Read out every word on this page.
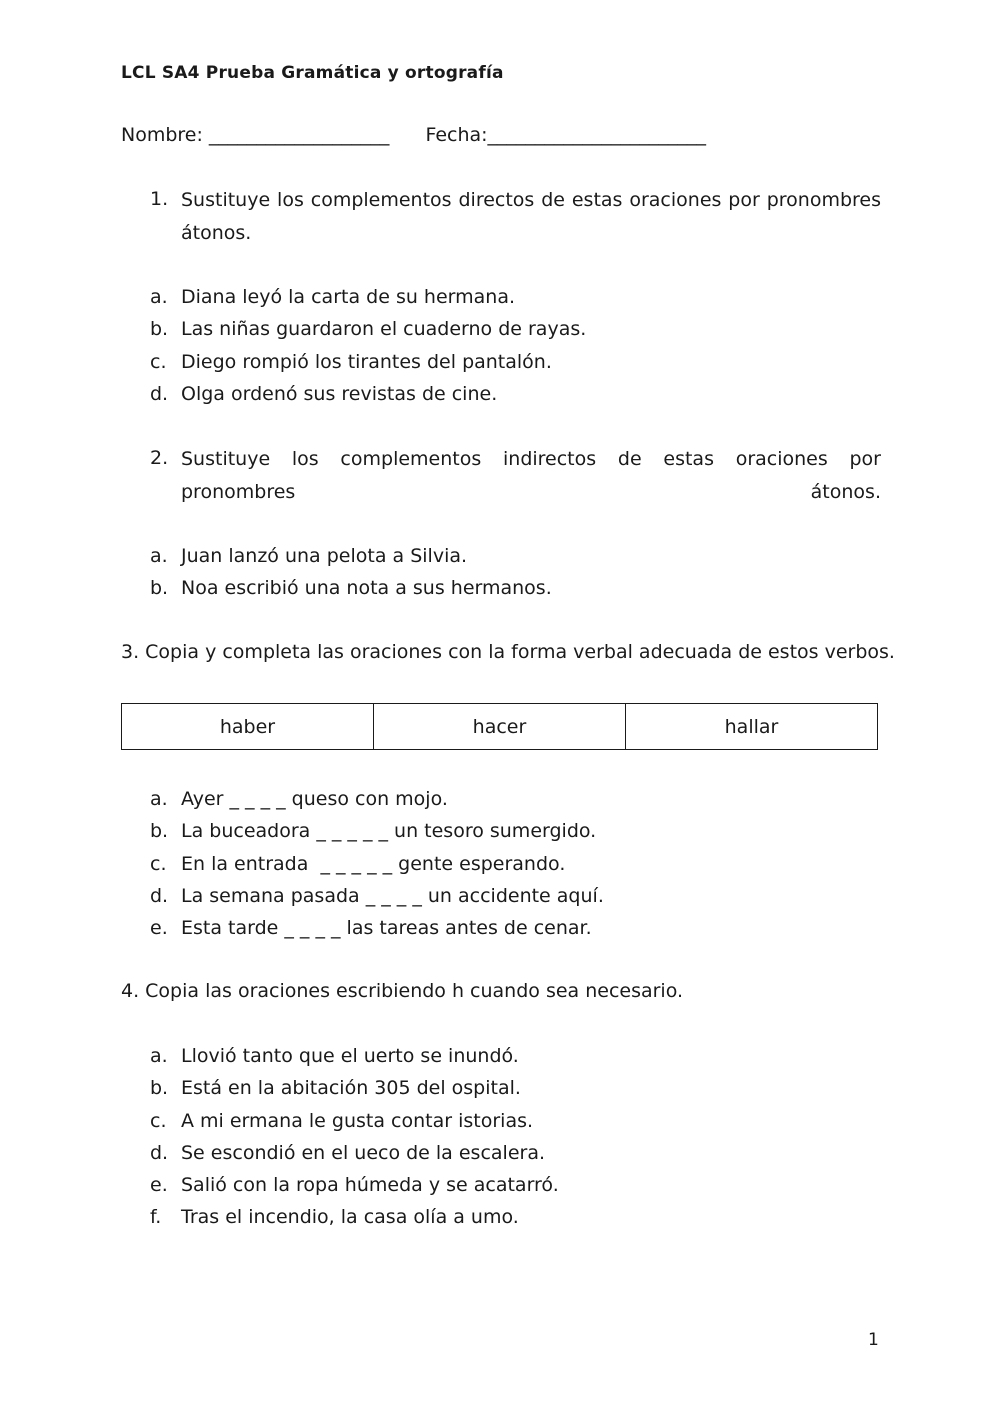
LCL SA4 Prueba Gramática y ortografía
Nombre: ___________________ Fecha:_______________________
1. Sustituye los complementos directos de estas oraciones por pronombres átonos.
a. Diana leyó la carta de su hermana.
b. Las niñas guardaron el cuaderno de rayas.
c. Diego rompió los tirantes del pantalón.
d. Olga ordenó sus revistas de cine.
2. Sustituye los complementos indirectos de estas oraciones por pronombres átonos.
a. Juan lanzó una pelota a Silvia.
b. Noa escribió una nota a sus hermanos.
3. Copia y completa las oraciones con la forma verbal adecuada de estos verbos.
haber	hacer	hallar
a. Ayer _ _ _ _ queso con mojo.
b. La buceadora _ _ _ _ _ un tesoro sumergido.
c. En la entrada  _ _ _ _ _ gente esperando.
d. La semana pasada _ _ _ _ un accidente aquí.
e. Esta tarde _ _ _ _ las tareas antes de cenar.
4. Copia las oraciones escribiendo h cuando sea necesario.
a. Llovió tanto que el uerto se inundó.
b. Está en la abitación 305 del ospital.
c. A mi ermana le gusta contar istorias.
d. Se escondió en el ueco de la escalera.
e. Salió con la ropa húmeda y se acatarró.
f. Tras el incendio, la casa olía a umo.
1
